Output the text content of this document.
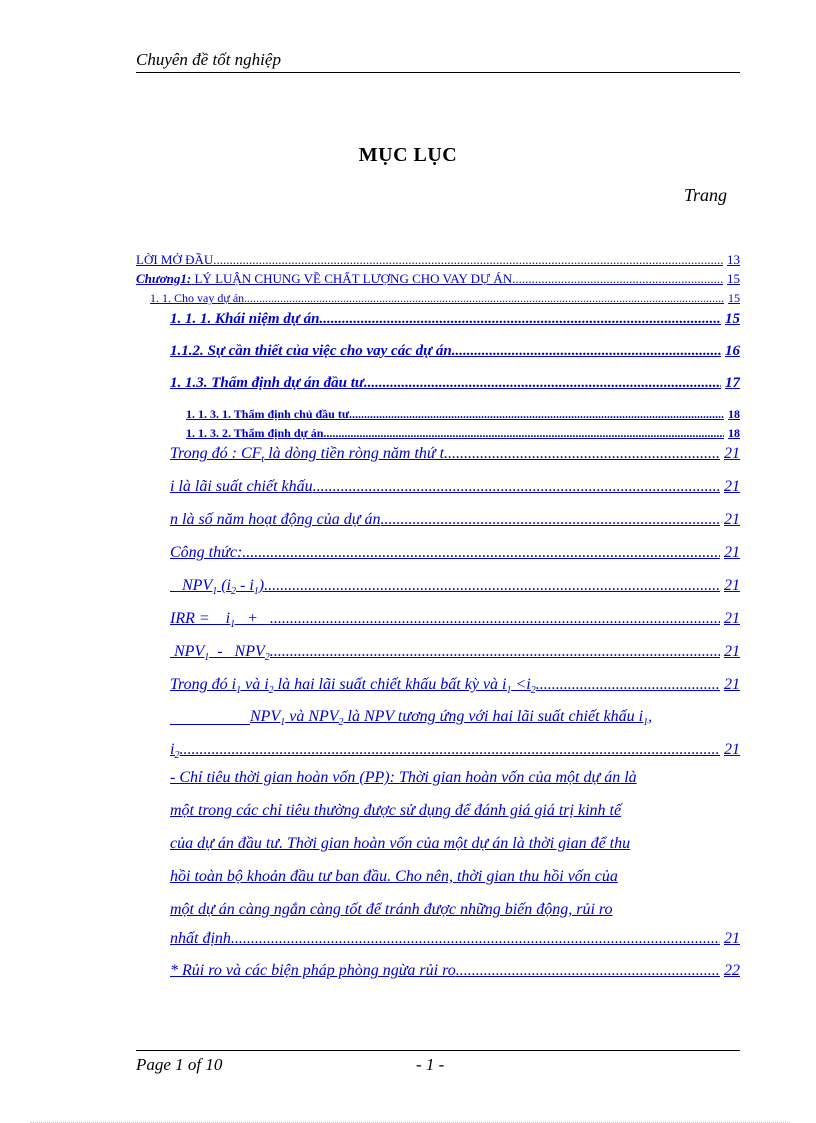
Chuyên đề tốt nghiệp
MỤC LỤC
Trang
LỜI MỞ ĐẦU .....	13
Chương1: LÝ LUẬN CHUNG VỀ CHẤT LƯỢNG CHO VAY DỰ ÁN .....	15
1. 1. Cho vay dự án .....	15
1. 1. 1. Khái niệm dự án .....	15
1.1.2. Sự cần thiết của việc cho vay các dự án .....	16
1. 1.3. Thẩm định dự án đầu tư .....	17
1. 1. 3. 1. Thẩm định chủ đầu tư .....	18
1. 1. 3. 2. Thẩm định dự án .....	18
Trong đó : $CF_t$ là dòng tiền ròng năm thứ t .....	21
i là lãi suất chiết khấu .....	21
n là số năm hoạt động của dự án .....	21
Công thức: .....	21
$NPV_1$ $(i_2 - i_1)$ .....	21
IRR =    $i_1$   + .....	21
$NPV_1 - NPV_2$ .....	21
Trong đó $i_1$ và $i_2$ là hai lãi suất chiết khấu bất kỳ và $i_1 <i_2$ .....	21
$NPV_1$ và $NPV_2$ là NPV tương ứng với hai lãi suất chiết khấu $i_1$,
$i_2$ .....	21
- Chỉ tiêu thời gian hoàn vốn (PP): Thời gian hoàn vốn của một dự án là
một trong các chỉ tiêu thường được sử dụng để đánh giá giá trị kinh tế
của dự án đầu tư. Thời gian hoàn vốn của một dự án là thời gian để thu
hồi toàn bộ khoản đầu tư ban đầu. Cho nên, thời gian thu hồi vốn của
một dự án càng ngắn càng tốt để tránh được những biến động, rủi ro
nhất định. .....	21
* Rủi ro và các biện pháp phòng ngừa rủi ro .....	22
Page 1 of 10	- 1 -
